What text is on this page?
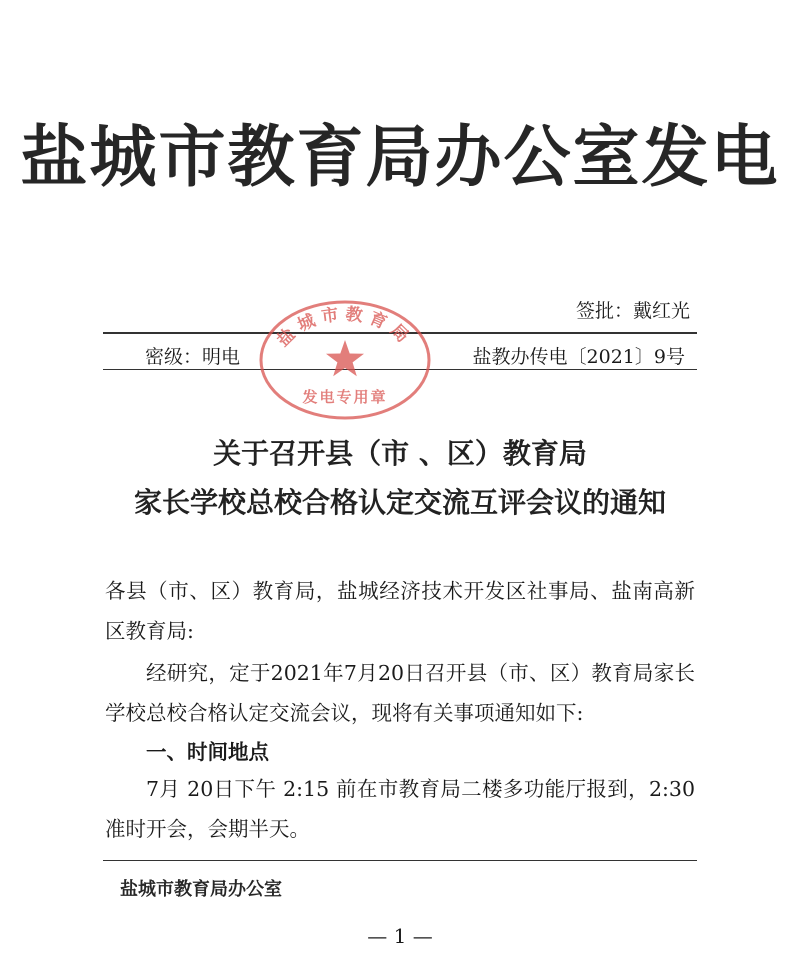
盐城市教育局办公室发电
签批：戴红光
密级：明电	盐教办传电〔2021〕9号
盐城市教育局
发电专用章
关于召开县（市 、区）教育局
家长学校总校合格认定交流互评会议的通知
各县（市、区）教育局，盐城经济技术开发区社事局、盐南高新区教育局:
经研究，定于2021年7月20日召开县（市、区）教育局家长学校总校合格认定交流会议，现将有关事项通知如下:
一、时间地点
7月 20日下午 2:15 前在市教育局二楼多功能厅报到，2:30准时开会，会期半天。
盐城市教育局办公室
— 1 —
